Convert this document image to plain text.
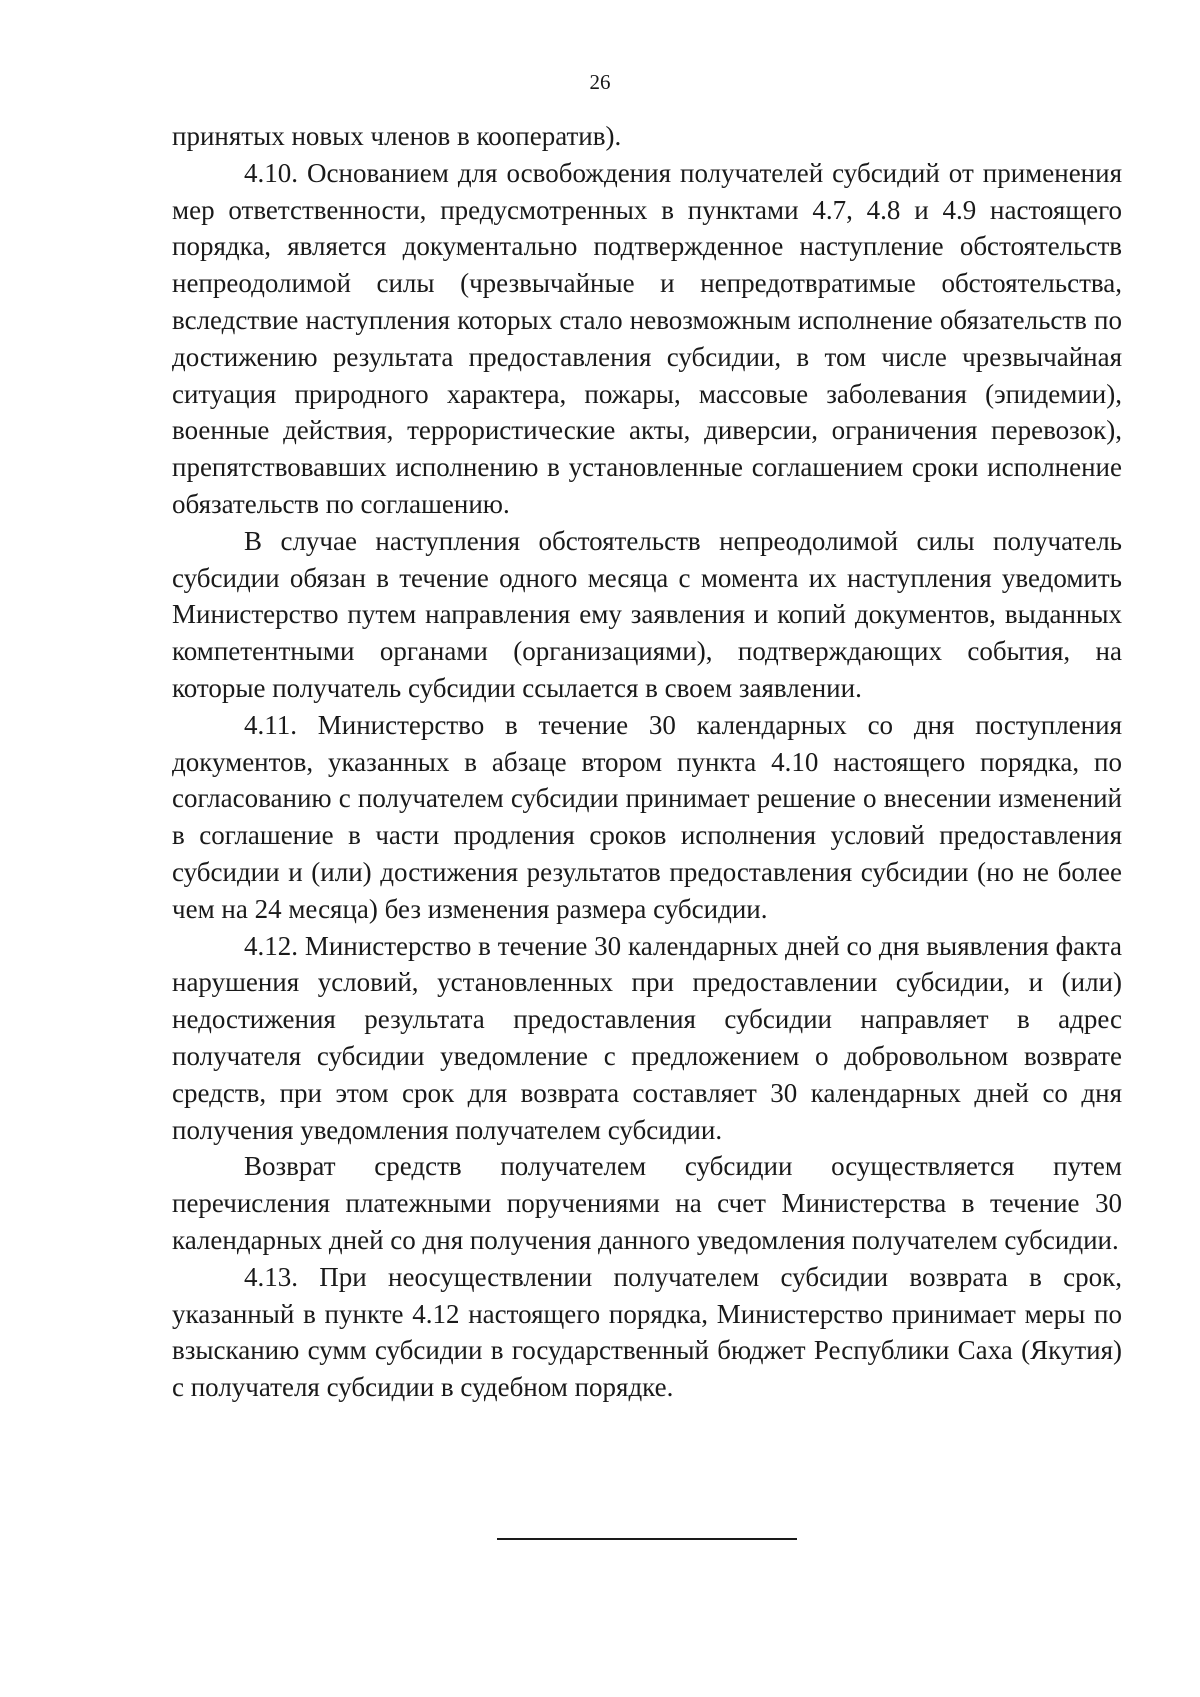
26

принятых новых членов в кооператив).

4.10. Основанием для освобождения получателей субсидий от применения мер ответственности, предусмотренных в пунктами 4.7, 4.8 и 4.9 настоящего порядка, является документально подтвержденное наступление обстоятельств непреодолимой силы (чрезвычайные и непредотвратимые обстоятельства, вследствие наступления которых стало невозможным исполнение обязательств по достижению результата предоставления субсидии, в том числе чрезвычайная ситуация природного характера, пожары, массовые заболевания (эпидемии), военные действия, террористические акты, диверсии, ограничения перевозок), препятствовавших исполнению в установленные соглашением сроки исполнение обязательств по соглашению.

В случае наступления обстоятельств непреодолимой силы получатель субсидии обязан в течение одного месяца с момента их наступления уведомить Министерство путем направления ему заявления и копий документов, выданных компетентными органами (организациями), подтверждающих события, на которые получатель субсидии ссылается в своем заявлении.

4.11. Министерство в течение 30 календарных со дня поступления документов, указанных в абзаце втором пункта 4.10 настоящего порядка, по согласованию с получателем субсидии принимает решение о внесении изменений в соглашение в части продления сроков исполнения условий предоставления субсидии и (или) достижения результатов предоставления субсидии (но не более чем на 24 месяца) без изменения размера субсидии.

4.12. Министерство в течение 30 календарных дней со дня выявления факта нарушения условий, установленных при предоставлении субсидии, и (или) недостижения результата предоставления субсидии направляет в адрес получателя субсидии уведомление с предложением о добровольном возврате средств, при этом срок для возврата составляет 30 календарных дней со дня получения уведомления получателем субсидии.

Возврат средств получателем субсидии осуществляется путем перечисления платежными поручениями на счет Министерства в течение 30 календарных дней со дня получения данного уведомления получателем субсидии.

4.13. При неосуществлении получателем субсидии возврата в срок, указанный в пункте 4.12 настоящего порядка, Министерство принимает меры по взысканию сумм субсидии в государственный бюджет Республики Саха (Якутия) с получателя субсидии в судебном порядке.
